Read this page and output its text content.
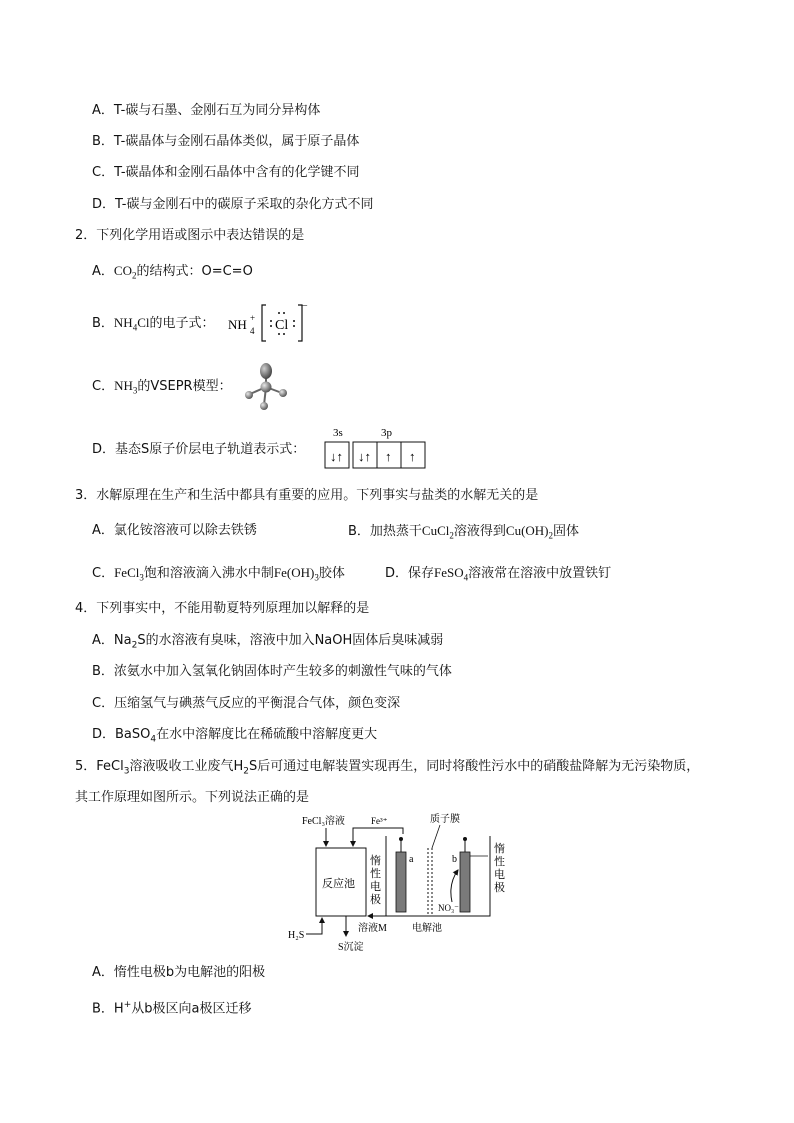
A．T-碳与石墨、金刚石互为同分异构体
B．T-碳晶体与金刚石晶体类似，属于原子晶体
C．T-碳晶体和金刚石晶体中含有的化学键不同
D．T-碳与金刚石中的碳原子采取的杂化方式不同
2．下列化学用语或图示中表达错误的是
A．$CO_2$的结构式：O=C=O
B．$NH_4Cl$的电子式： NH +
4 Cl
−
C．$NH_3$的VSEPR模型：
D．基态S原子价层电子轨道表示式：
3s	3p
↓↑ ↓↑ ↑ ↑
3．水解原理在生产和生活中都具有重要的应用。下列事实与盐类的水解无关的是
A．氯化铵溶液可以除去铁锈	B．加热蒸干CuCl$_2$溶液得到$Cu(OH)_2$固体
C．FeCl$_3$饱和溶液滴入沸水中制$Fe(OH)_3$胶体	D．保存FeSO$_4$溶液常在溶液中放置铁钉
4．下列事实中，不能用勒夏特列原理加以解释的是
A．$Na_2S$的水溶液有臭味，溶液中加入NaOH固体后臭味减弱
B．浓氨水中加入氢氧化钠固体时产生较多的刺激性气味的气体
C．压缩氢气与碘蒸气反应的平衡混合气体，颜色变深
D．BaSO$_4$在水中溶解度比在稀硫酸中溶解度更大
5．FeCl$_3$溶液吸收工业废气$H_2S$后可通过电解装置实现再生，同时将酸性污水中的硝酸盐降解为无污染物质，
其工作原理如图所示。下列说法正确的是
FeCl₃溶液	Fe³⁺
反应池
惰性电极
质子膜
a	b
NO₃⁻
惰性电极
H₂S
S沉淀
溶液M	电解池
A．惰性电极b为电解池的阳极
B．H+从b极区向a极区迁移
